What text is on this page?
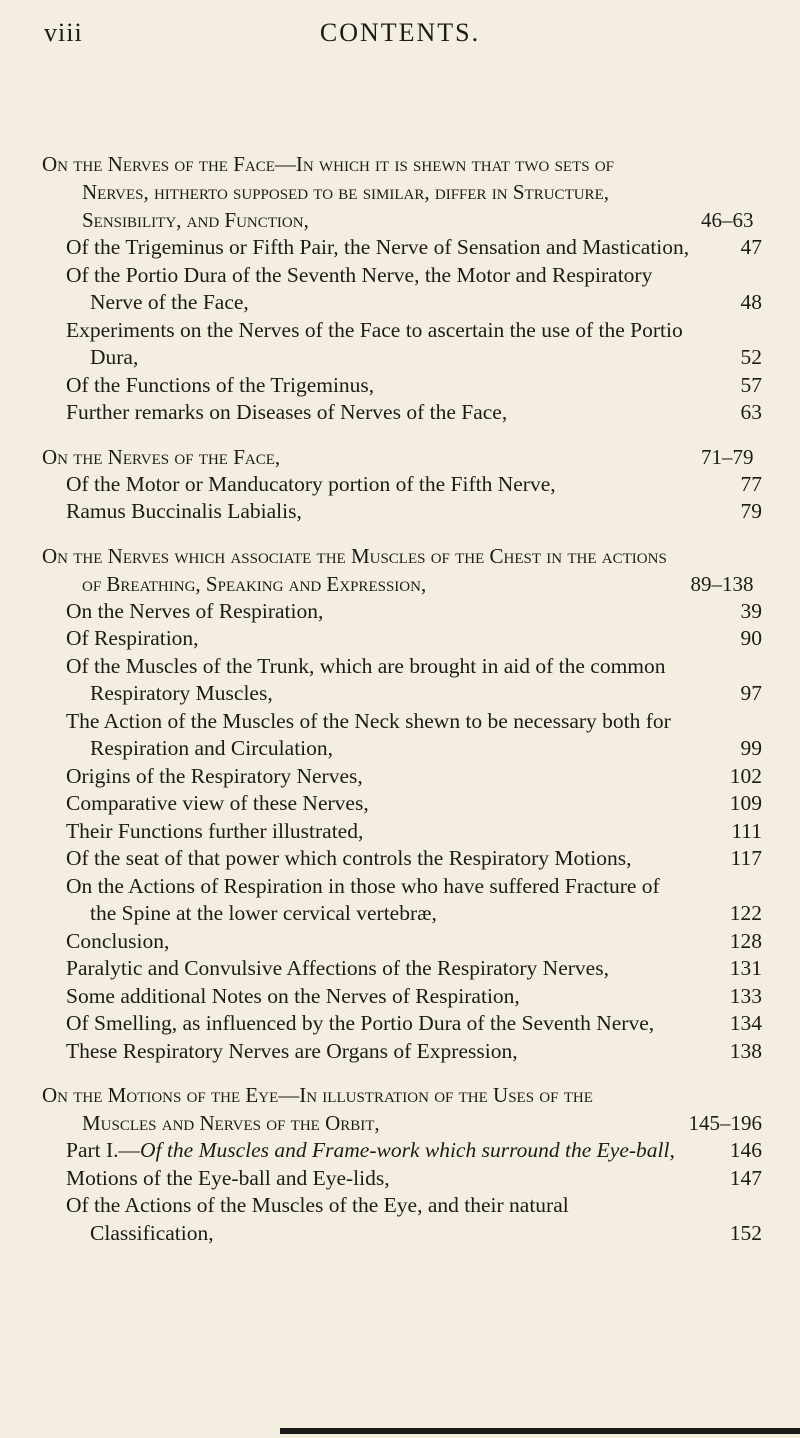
viii	CONTENTS.
On the Nerves of the Face—In which it is shewn that two sets of Nerves, hitherto supposed to be similar, differ in Structure, Sensibility, and Function,	46–63
Of the Trigeminus or Fifth Pair, the Nerve of Sensation and Mastication, 47
Of the Portio Dura of the Seventh Nerve, the Motor and Respiratory Nerve of the Face,	48
Experiments on the Nerves of the Face to ascertain the use of the Portio Dura,	52
Of the Functions of the Trigeminus,	57
Further remarks on Diseases of Nerves of the Face,	63
On the Nerves of the Face,	71–79
Of the Motor or Manducatory portion of the Fifth Nerve,	77
Ramus Buccinalis Labialis,	79
On the Nerves which associate the Muscles of the Chest in the actions of Breathing, Speaking and Expression,	89–138
On the Nerves of Respiration,	39
Of Respiration,	90
Of the Muscles of the Trunk, which are brought in aid of the common Respiratory Muscles,	97
The Action of the Muscles of the Neck shewn to be necessary both for Respiration and Circulation,	99
Origins of the Respiratory Nerves,	102
Comparative view of these Nerves,	109
Their Functions further illustrated,	111
Of the seat of that power which controls the Respiratory Motions,	117
On the Actions of Respiration in those who have suffered Fracture of the Spine at the lower cervical vertebræ,	122
Conclusion,	128
Paralytic and Convulsive Affections of the Respiratory Nerves,	131
Some additional Notes on the Nerves of Respiration,	133
Of Smelling, as influenced by the Portio Dura of the Seventh Nerve,	134
These Respiratory Nerves are Organs of Expression,	138
On the Motions of the Eye—In illustration of the Uses of the Muscles and Nerves of the Orbit,	145–196
Part I.—Of the Muscles and Frame-work which surround the Eye-ball,	146
Motions of the Eye-ball and Eye-lids,	147
Of the Actions of the Muscles of the Eye, and their natural Classification,	152
